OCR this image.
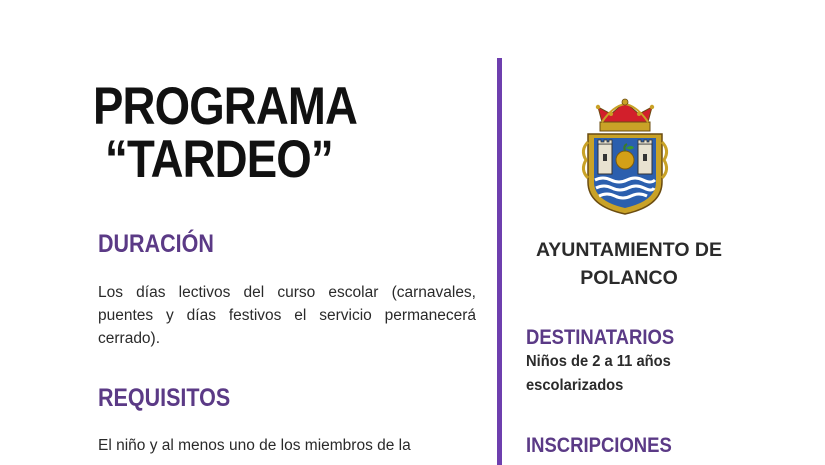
PROGRAMA
“TARDEO”
DURACIÓN

Los días lectivos del curso escolar (carnavales, puentes y días festivos el servicio permanecerá cerrado).

REQUISITOS

El niño y al menos uno de los miembros de la

AYUNTAMIENTO DE
POLANCO

DESTINATARIOS

Niños de 2 a 11 años

escolarizados

INSCRIPCIONES
